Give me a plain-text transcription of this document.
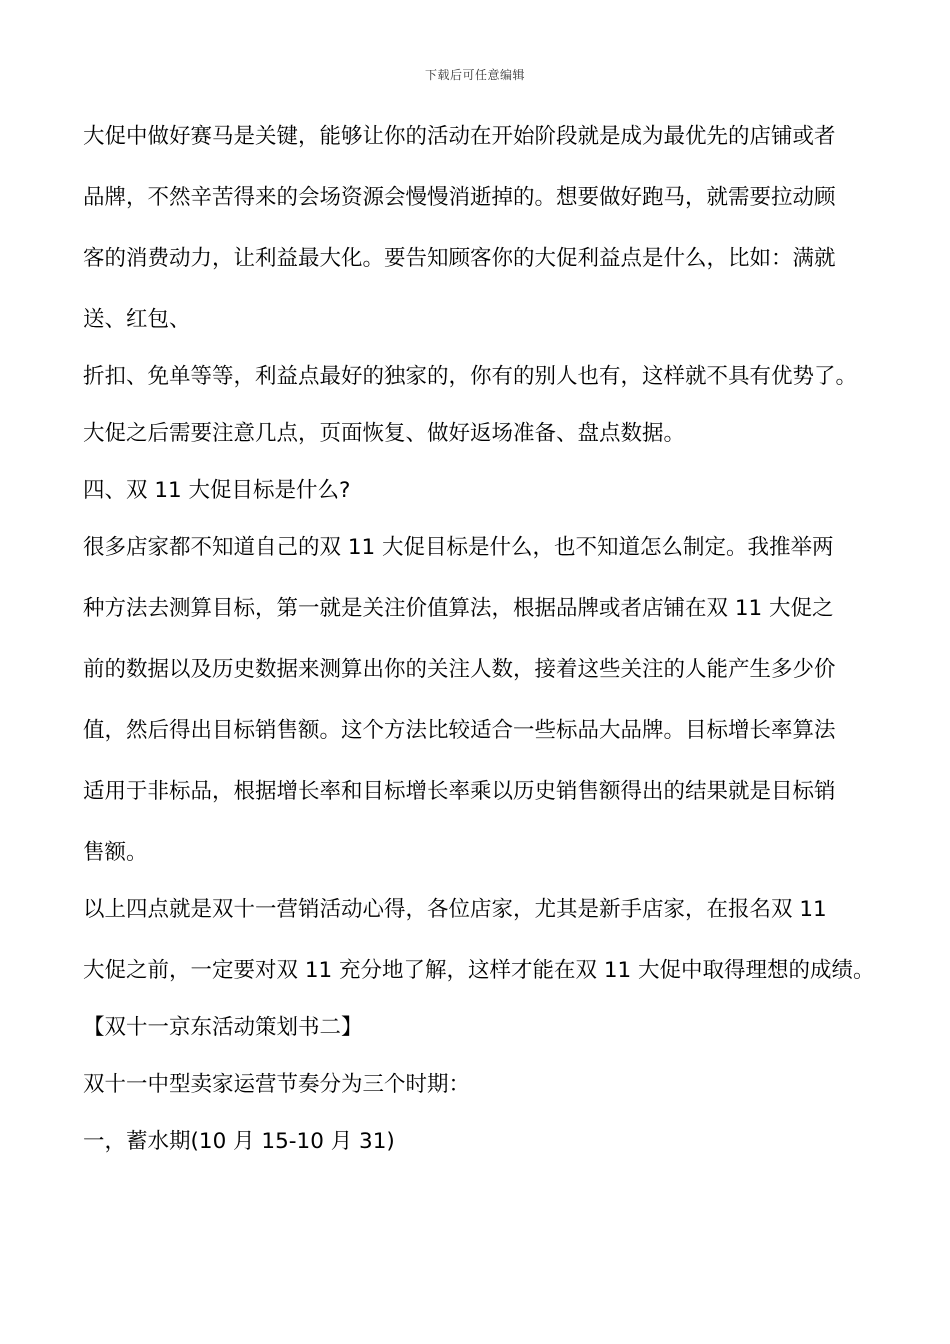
下载后可任意编辑
大促中做好赛马是关键，能够让你的活动在开始阶段就是成为最优先的店铺或者
品牌，不然辛苦得来的会场资源会慢慢消逝掉的。想要做好跑马，就需要拉动顾
客的消费动力，让利益最大化。要告知顾客你的大促利益点是什么，比如：满就
送、红包、
折扣、免单等等，利益点最好的独家的，你有的别人也有，这样就不具有优势了。
大促之后需要注意几点，页面恢复、做好返场准备、盘点数据。
四、双 11 大促目标是什么?
很多店家都不知道自己的双 11 大促目标是什么，也不知道怎么制定。我推举两
种方法去测算目标，第一就是关注价值算法，根据品牌或者店铺在双 11 大促之
前的数据以及历史数据来测算出你的关注人数，接着这些关注的人能产生多少价
值，然后得出目标销售额。这个方法比较适合一些标品大品牌。目标增长率算法
适用于非标品，根据增长率和目标增长率乘以历史销售额得出的结果就是目标销
售额。
以上四点就是双十一营销活动心得，各位店家，尤其是新手店家，在报名双 11
大促之前，一定要对双 11 充分地了解，这样才能在双 11 大促中取得理想的成绩。
【双十一京东活动策划书二】
双十一中型卖家运营节奏分为三个时期：
一，蓄水期(10 月 15-10 月 31)
